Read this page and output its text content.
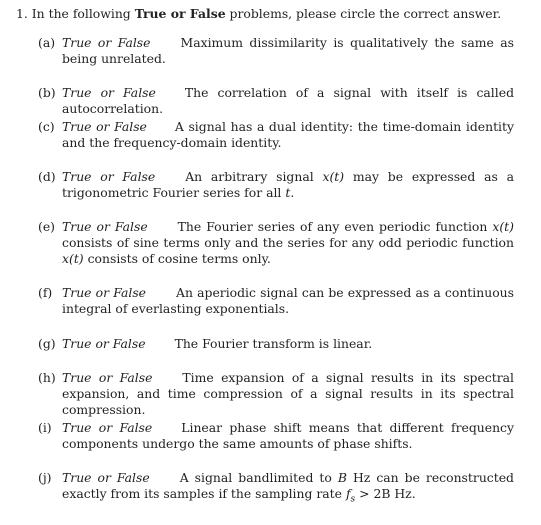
1. In the following True or False problems, please circle the correct answer.
(a) True or False Maximum dissimilarity is qualitatively the same as being unrelated.
(b) True or False The correlation of a signal with itself is called autocorrelation.
(c) True or False A signal has a dual identity: the time-domain identity and the frequency-domain identity.
(d) True or False An arbitrary signal x(t) may be expressed as a trigonometric Fourier series for all t.
(e) True or False The Fourier series of any even periodic function x(t) consists of sine terms only and the series for any odd periodic function x(t) consists of cosine terms only.
(f) True or False An aperiodic signal can be expressed as a continuous integral of everlasting exponentials.
(g) True or False The Fourier transform is linear.
(h) True or False Time expansion of a signal results in its spectral expansion, and time compression of a signal results in its spectral compression.
(i) True or False Linear phase shift means that different frequency components undergo the same amounts of phase shifts.
(j) True or False A signal bandlimited to B Hz can be reconstructed exactly from its samples if the sampling rate $f_s > 2B$ Hz.
